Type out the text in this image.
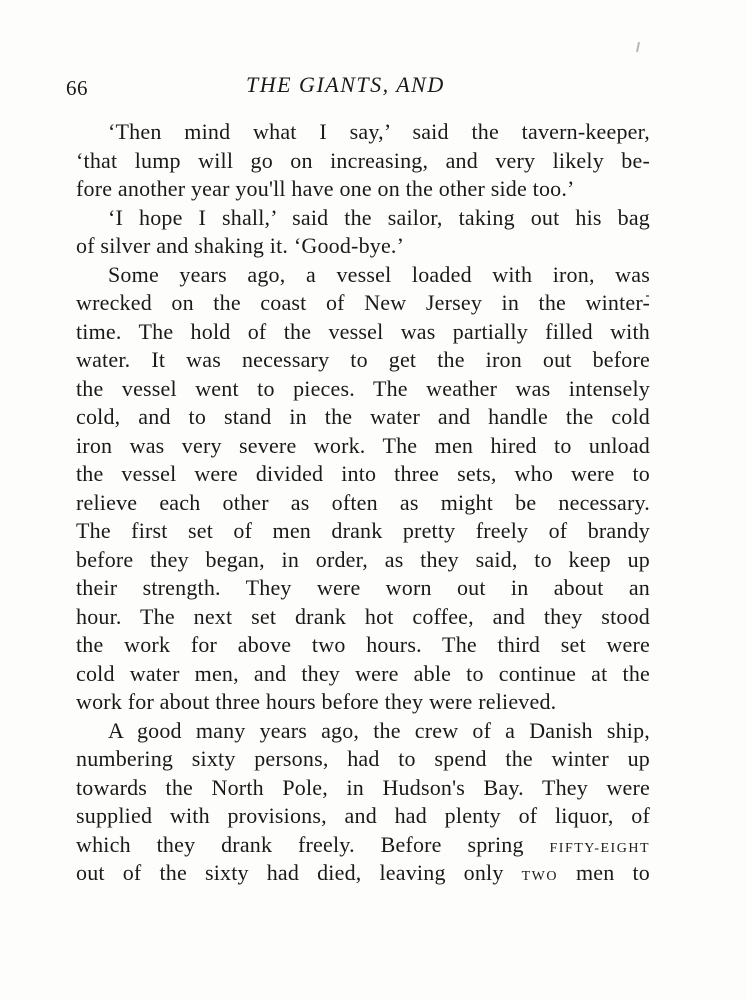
66	THE GIANTS, AND
‘Then mind what I say,’ said the tavern-keeper,
‘that lump will go on increasing, and very likely be-
fore another year you'll have one on the other side too.’
‘I hope I shall,’ said the sailor, taking out his bag
of silver and shaking it. ‘Good-bye.’
Some years ago, a vessel loaded with iron, was
wrecked on the coast of New Jersey in the winter-
time. The hold of the vessel was partially filled with
water. It was necessary to get the iron out before
the vessel went to pieces. The weather was intensely
cold, and to stand in the water and handle the cold
iron was very severe work. The men hired to unload
the vessel were divided into three sets, who were to
relieve each other as often as might be necessary.
The first set of men drank pretty freely of brandy
before they began, in order, as they said, to keep up
their strength. They were worn out in about an
hour. The next set drank hot coffee, and they stood
the work for above two hours. The third set were
cold water men, and they were able to continue at the
work for about three hours before they were relieved.
A good many years ago, the crew of a Danish ship,
numbering sixty persons, had to spend the winter up
towards the North Pole, in Hudson's Bay. They were
supplied with provisions, and had plenty of liquor, of
which they drank freely. Before spring FIFTY-EIGHT
out of the sixty had died, leaving only TWO men to
